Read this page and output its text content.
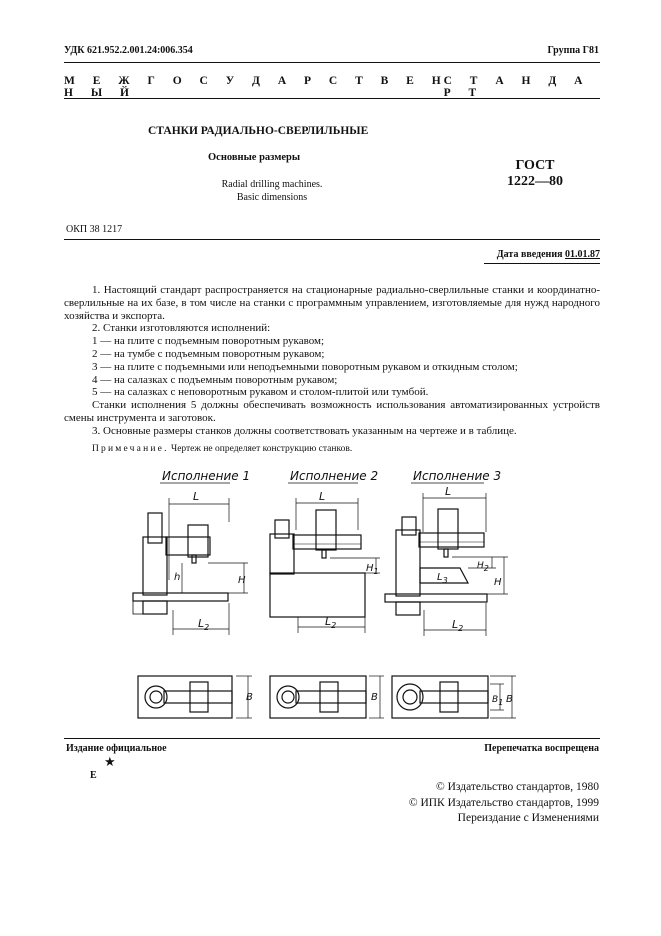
УДК 621.952.2.001.24:006.354	Группа Г81
М Е Ж Г О С У Д А Р С Т В Е Н Н Ы Й
С Т А Н Д А Р Т
СТАНКИ РАДИАЛЬНО-СВЕРЛИЛЬНЫЕ
Основные размеры
Radial drilling machines.
Basic dimensions
ГОСТ
1222—80
ОКП 38 1217
Дата введения 01.01.87

1. Настоящий стандарт распространяется на стационарные радиально-сверлильные станки и координатно-сверлильные на их базе, в том числе на станки с программным управлением, изготовляемые для нужд народного хозяйства и экспорта.

2. Станки изготовляются исполнений:

1 — на плите с подъемным поворотным рукавом;

2 — на тумбе с подъемным поворотным рукавом;

3 — на плите с подъемными или неподъемными поворотным рукавом и откидным столом;

4 — на салазках с подъемным поворотным рукавом;

5 — на салазках с неповоротным рукавом и столом-плитой или тумбой.

Станки исполнения 5 должны обеспечивать возможность использования автоматизированных устройств смены инструмента и заготовок.

3. Основные размеры станков должны соответствовать указанным на чертеже и в таблице.

Примечание. Чертеж не определяет конструкцию станков.
Исполнение 1	Исполнение 2	Исполнение 3
L
$L_2$
H
h
L
$L_2$
$H_1$
L
$L_2$
$L_3$
H2
H
B	B	B1 B
Издание официальное	Перепечатка воспрещена
★
Е
© Издательство стандартов, 1980
© ИПК Издательство стандартов, 1999
Переиздание с Изменениями
